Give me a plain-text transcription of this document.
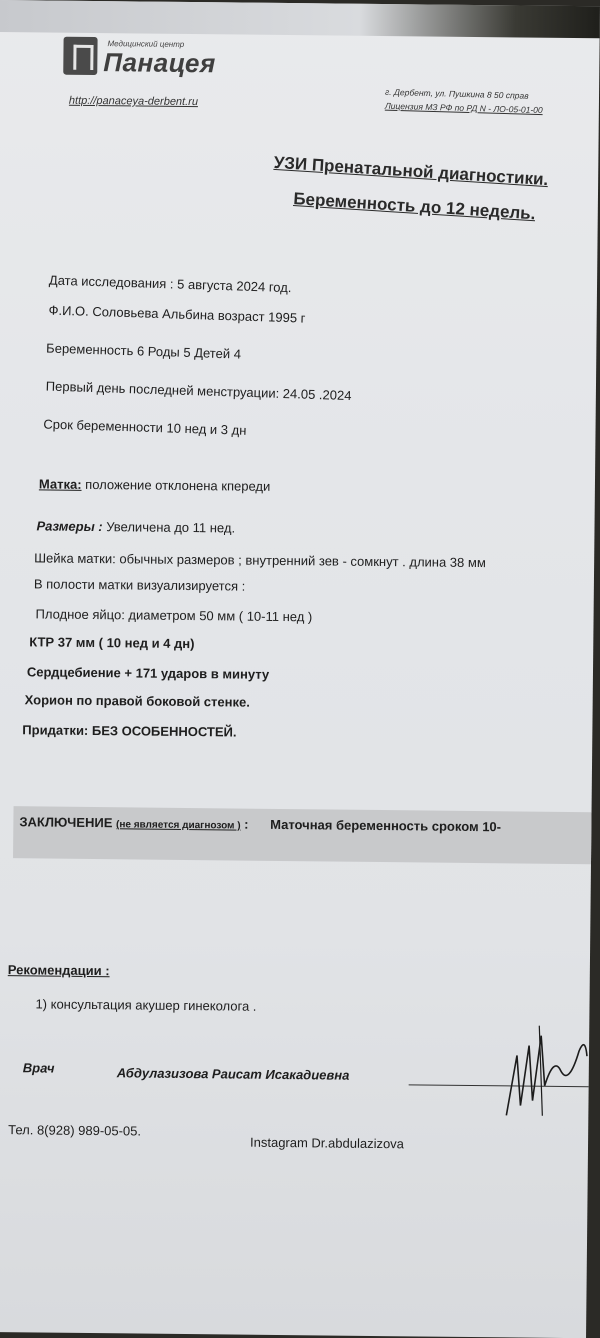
Медицинский центр
Панацея
http://panaceya-derbent.ru
г. Дербент, ул. Пушкина 8 50 справ
Лицензия МЗ РФ по РД N - ЛО-05-01-00
УЗИ Пренатальной диагностики.
Беременность до 12 недель.
Дата исследования : 5 августа 2024 год.
Ф.И.О. Соловьева Альбина возраст 1995 г
Беременность 6 Роды 5 Детей 4
Первый день последней менструации: 24.05 .2024
Срок беременности 10 нед и 3 дн
Матка: положение отклонена кпереди
Размеры : Увеличена до 11 нед.
Шейка матки: обычных размеров ; внутренний зев - сомкнут . длина 38 мм
В полости матки визуализируется :
Плодное яйцо: диаметром 50 мм ( 10-11 нед )
КТР 37 мм ( 10 нед и 4 дн)
Сердцебиение + 171 ударов в минуту
Хорион по правой боковой стенке.
Придатки: БЕЗ ОСОБЕННОСТЕЙ.
ЗАКЛЮЧЕНИЕ (не является диагнозом ) : Маточная беременность сроком 10-
Рекомендации :
1) консультация акушер гинеколога .
Врач	Абдулазизова Раисат Исакадиевна
Тел. 8(928) 989-05-05.
Instagram Dr.abdulazizova
